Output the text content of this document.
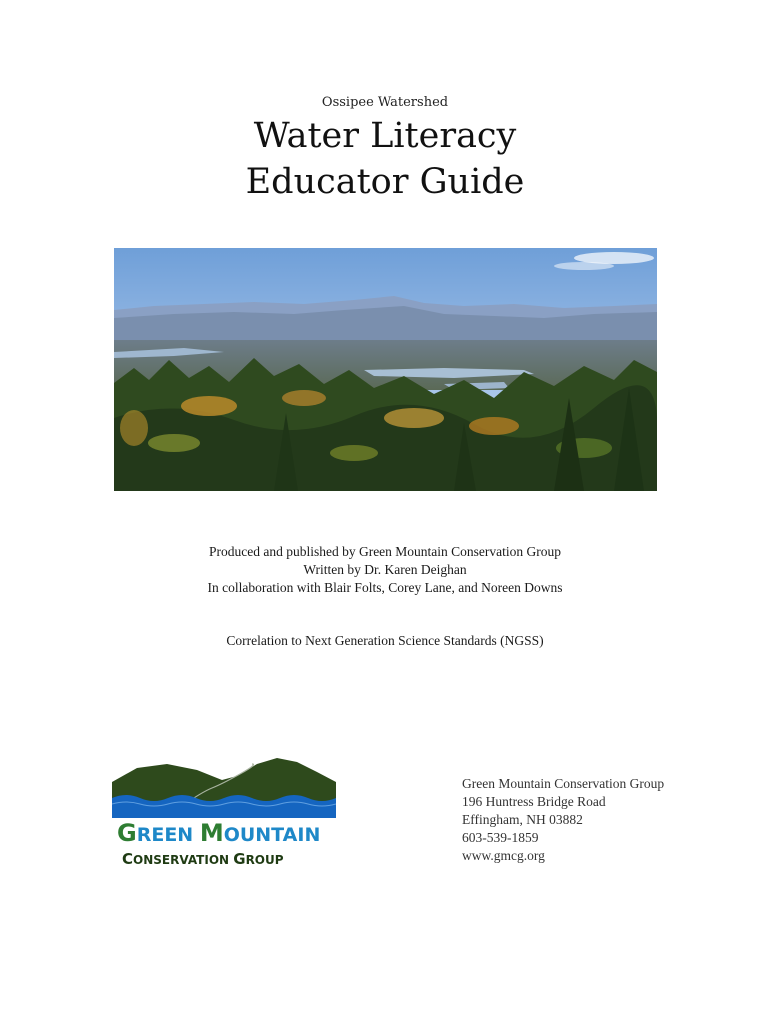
Ossipee Watershed
Water Literacy
Educator Guide
Produced and published by Green Mountain Conservation Group
Written by Dr. Karen Deighan
In collaboration with Blair Folts, Corey Lane, and Noreen Downs
Correlation to Next Generation Science Standards (NGSS)
GREEN MOUNTAIN
CONSERVATION GROUP
Green Mountain Conservation Group
196 Huntress Bridge Road
Effingham, NH 03882
603-539-1859
www.gmcg.org
